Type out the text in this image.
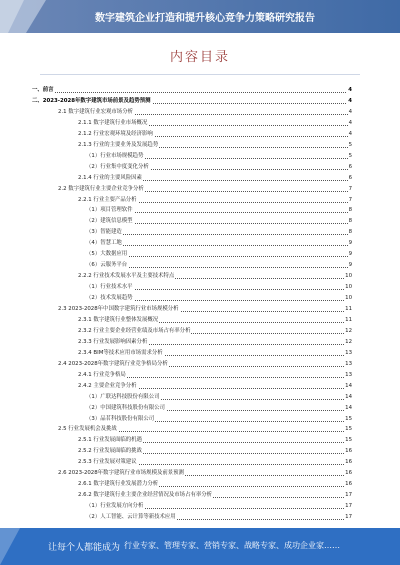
数字建筑企业打造和提升核心竞争力策略研究报告
内容目录
一、前言	4
二、2023-2028年数字建筑市场前景及趋势预测	4
2.1 数字建筑行业宏观市场分析	4
2.1.1 数字建筑行业市场概况	4
2.1.2 行业宏观环境及经济影响	4
2.1.3 行业的主要业务及发展趋势	5
（1）行业市场规模趋势	5
（2）行业集中度变化分析	6
2.1.4 行业的主要风险因素	6
2.2 数字建筑行业主要企业竞争分析	7
2.2.1 行业主要产品分析	7
（1）项目管理软件	8
（2）建筑信息模型	8
（3）智能建造	8
（4）智慧工地	9
（5）大数据应用	9
（6）云服务平台	9
2.2.2 行业技术发展水平及主要技术特点	10
（1）行业技术水平	10
（2）技术发展趋势	10
2.3 2023-2028年中国数字建筑行业市场规模分析	11
2.3.1 数字建筑行业整体发展概况	11
2.3.2 行业主要企业经营业绩及市场占有率分析	12
2.3.3 行业发展影响因素分析	12
2.3.4 BIM等技术应用市场需求分析	13
2.4 2023-2028年数字建筑行业竞争格局分析	13
2.4.1 行业竞争格局	13
2.4.2 主要企业竞争分析	14
（1）广联达科技股份有限公司	14
（2）中国建筑科技股份有限公司	14
（3）品茗科技股份有限公司	15
2.5 行业发展机会及挑战	15
2.5.1 行业发展面临的机遇	15
2.5.2 行业发展面临的挑战	16
2.5.3 行业发展对策建议	16
2.6 2023-2028年数字建筑行业市场规模及前景预测	16
2.6.1 数字建筑行业发展潜力分析	16
2.6.2 数字建筑行业主要企业经营情况及市场占有率分析	17
（1）行业发展方向分析	17
（2）人工智能、云计算等新技术应用	17
让每个人都能成为 行业专家、管理专家、营销专家、战略专家、成功企业家……
